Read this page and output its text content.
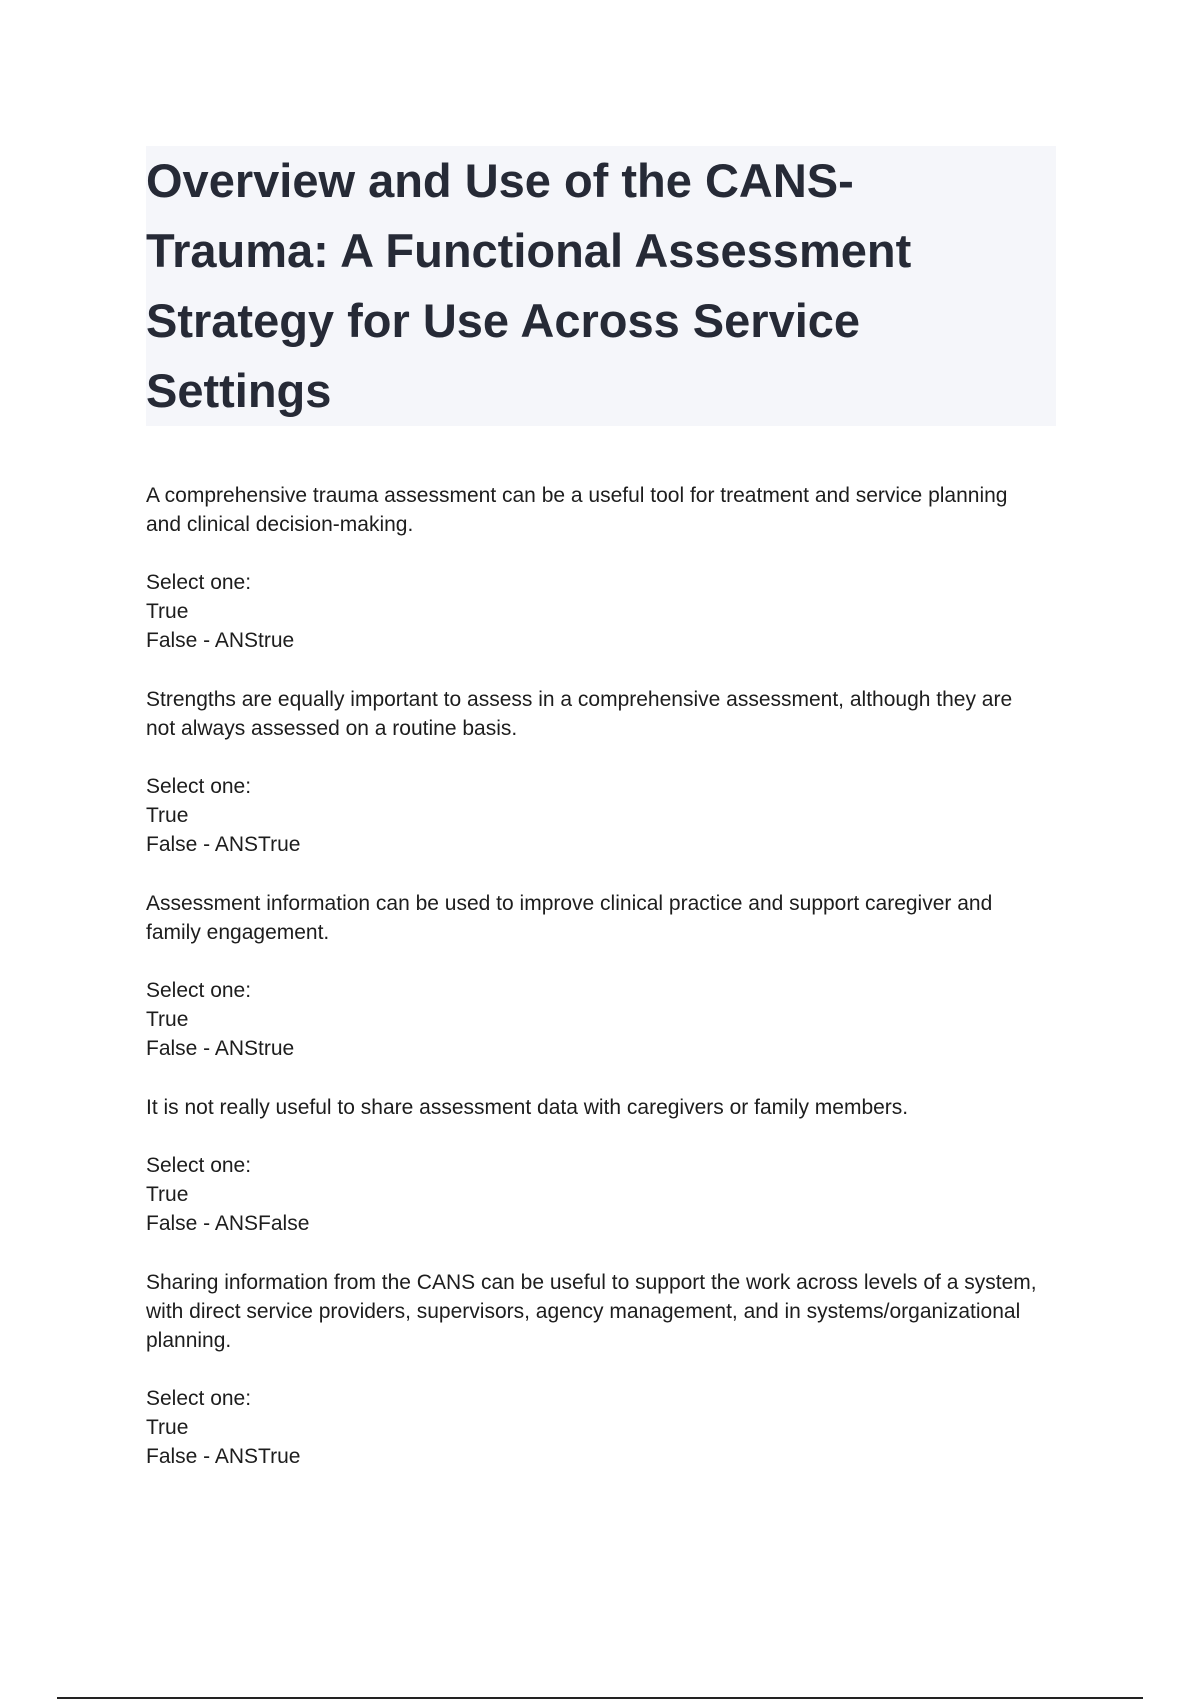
Overview and Use of the CANS-Trauma: A Functional Assessment Strategy for Use Across Service Settings

A comprehensive trauma assessment can be a useful tool for treatment and service planning and clinical decision-making.

Select one:

True

False - ANStrue

Strengths are equally important to assess in a comprehensive assessment, although they are not always assessed on a routine basis.

Select one:

True

False - ANSTrue

Assessment information can be used to improve clinical practice and support caregiver and family engagement.

Select one:

True

False - ANStrue

It is not really useful to share assessment data with caregivers or family members.

Select one:

True

False - ANSFalse

Sharing information from the CANS can be useful to support the work across levels of a system, with direct service providers, supervisors, agency management, and in systems/organizational planning.

Select one:

True

False - ANSTrue
